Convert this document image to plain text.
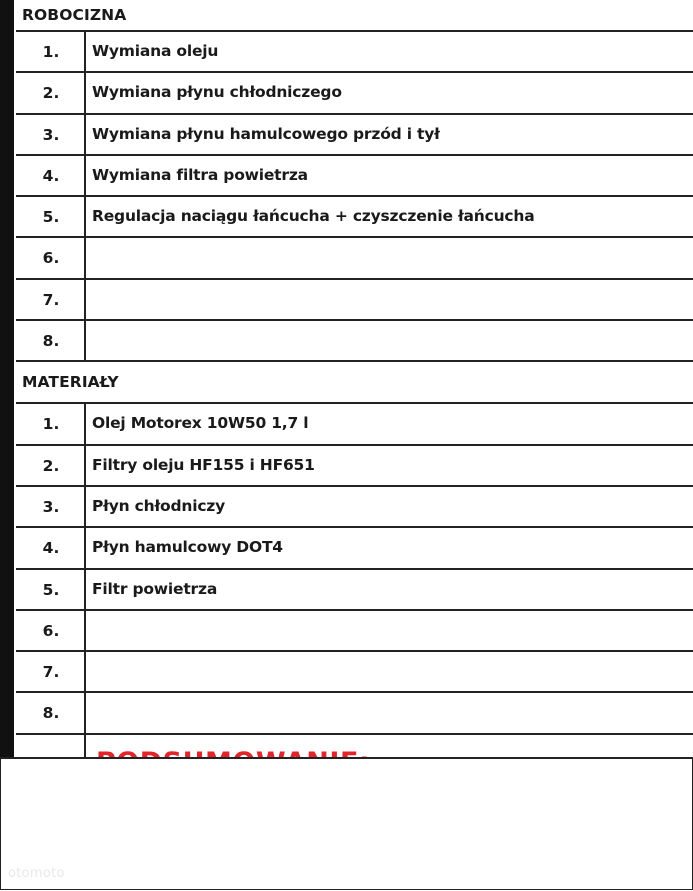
ROBOCIZNA
1.	Wymiana oleju
2.	Wymiana płynu chłodniczego
3.	Wymiana płynu hamulcowego przód i tył
4.	Wymiana filtra powietrza
5.	Regulacja naciągu łańcucha + czyszczenie łańcucha
6.
7.
8.
MATERIAŁY
1.	Olej Motorex 10W50 1,7 l
2.	Filtry oleju HF155 i HF651
3.	Płyn chłodniczy
4.	Płyn hamulcowy DOT4
5.	Filtr powietrza
6.
7.
8.
otomoto
